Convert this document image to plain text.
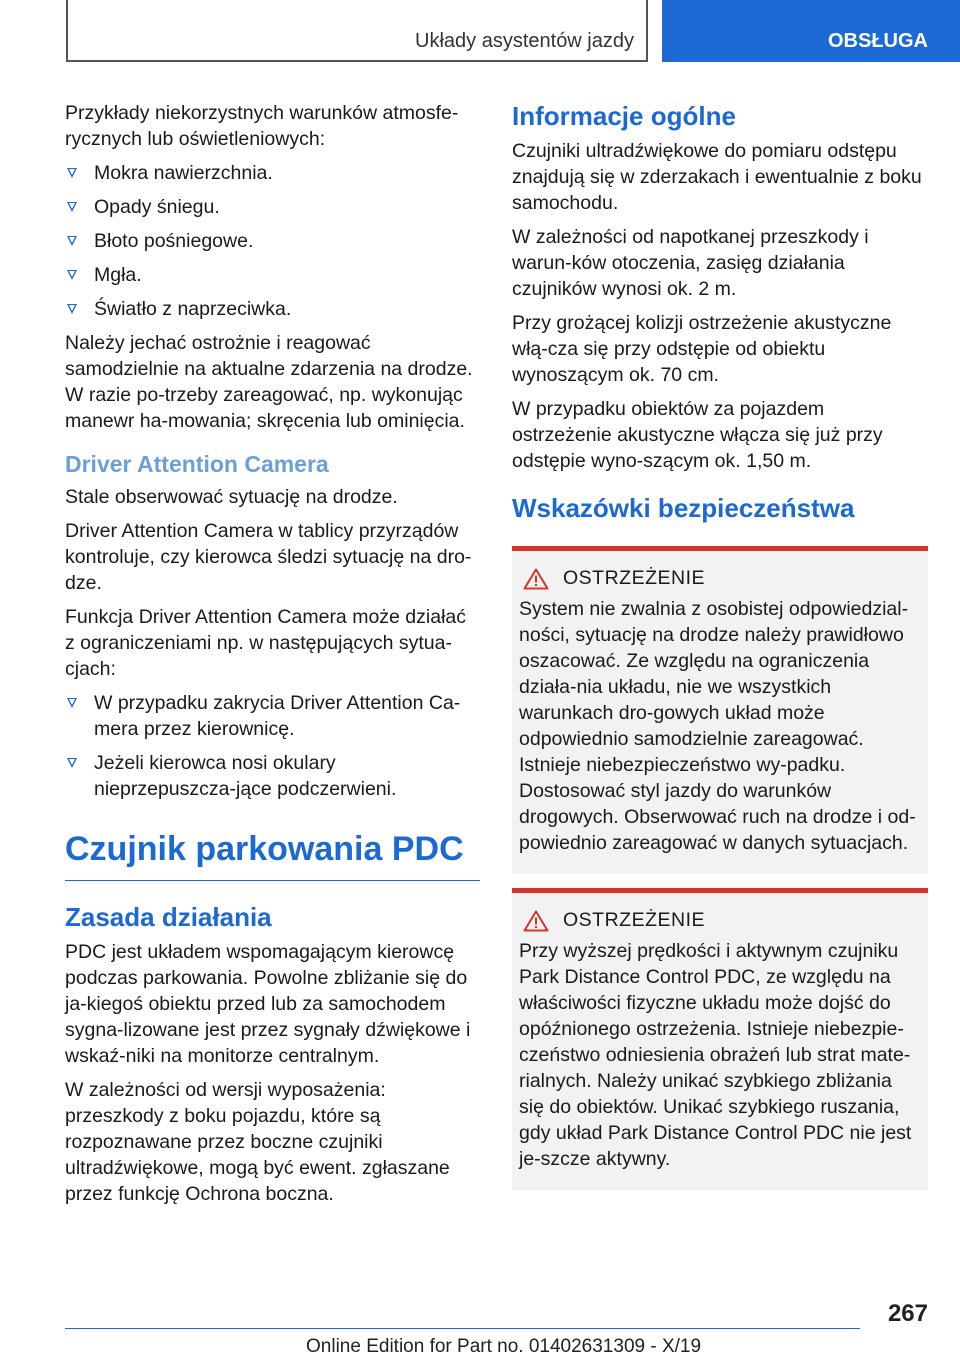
Układy asystentów jazdy	OBSŁUGA

Przykłady niekorzystnych warunków atmosfe-rycznych lub oświetleniowych:

Mokra nawierzchnia.
Opady śniegu.
Błoto pośniegowe.
Mgła.
Światło z naprzeciwka.

Należy jechać ostrożnie i reagować samodzielnie na aktualne zdarzenia na drodze. W razie po-trzeby zareagować, np. wykonując manewr ha-mowania; skręcenia lub ominięcia.

Driver Attention Camera

Stale obserwować sytuację na drodze.

Driver Attention Camera w tablicy przyrządów kontroluje, czy kierowca śledzi sytuację na dro-dze.

Funkcja Driver Attention Camera może działać z ograniczeniami np. w następujących sytua-cjach:

W przypadku zakrycia Driver Attention Ca-mera przez kierownicę.
Jeżeli kierowca nosi okulary nieprzepuszcza-jące podczerwieni.
Czujnik parkowania PDC
Zasada działania

PDC jest układem wspomagającym kierowcę podczas parkowania. Powolne zbliżanie się do ja-kiegoś obiektu przed lub za samochodem sygna-lizowane jest przez sygnały dźwiękowe i wskaź-niki na monitorze centralnym.

W zależności od wersji wyposażenia: przeszkody z boku pojazdu, które są rozpoznawane przez boczne czujniki ultradźwiękowe, mogą być ewent. zgłaszane przez funkcję Ochrona boczna.

Informacje ogólne

Czujniki ultradźwiękowe do pomiaru odstępu znajdują się w zderzakach i ewentualnie z boku samochodu.

W zależności od napotkanej przeszkody i warun-ków otoczenia, zasięg działania czujników wynosi ok. 2 m.

Przy grożącej kolizji ostrzeżenie akustyczne włą-cza się przy odstępie od obiektu wynoszącym ok. 70 cm.

W przypadku obiektów za pojazdem ostrzeżenie akustyczne włącza się już przy odstępie wyno-szącym ok. 1,50 m.

Wskazówki bezpieczeństwa
OSTRZEŻENIE

System nie zwalnia z osobistej odpowiedzial-ności, sytuację na drodze należy prawidłowo oszacować. Ze względu na ograniczenia działa-nia układu, nie we wszystkich warunkach dro-gowych układ może odpowiednio samodzielnie zareagować. Istnieje niebezpieczeństwo wy-padku. Dostosować styl jazdy do warunków drogowych. Obserwować ruch na drodze i od-powiednio zareagować w danych sytuacjach.

OSTRZEŻENIE

Przy wyższej prędkości i aktywnym czujniku Park Distance Control PDC, ze względu na właściwości fizyczne układu może dojść do opóźnionego ostrzeżenia. Istnieje niebezpie-czeństwo odniesienia obrażeń lub strat mate-rialnych. Należy unikać szybkiego zbliżania się do obiektów. Unikać szybkiego ruszania, gdy układ Park Distance Control PDC nie jest je-szcze aktywny.

267
Online Edition for Part no. 01402631309 - X/19
